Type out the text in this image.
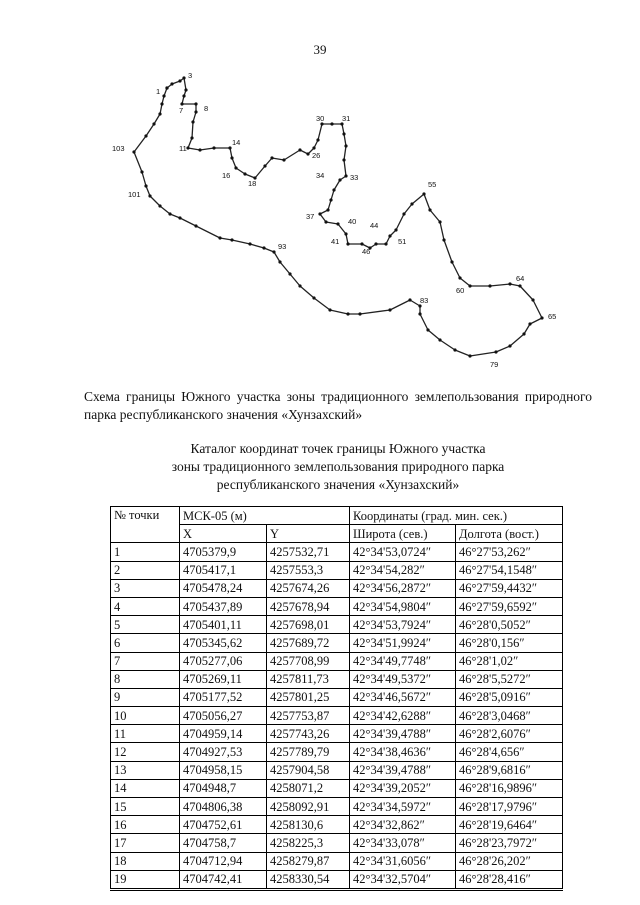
39
1
3
7	8
103	11
14
16
18
26
30 31
34	33
37
40 44
41
46
51
55
101
93
83
60
64
65
79
Схема границы Южного участка зоны традиционного землепользования природного парка республиканского значения «Хунзахский»
Каталог координат точек границы Южного участка
зоны традиционного землепользования природного парка
республиканского значения «Хунзахский»
№ точки	МСК-05 (м)		Координаты (град. мин. сек.)	
	X	Y	Широта (сев.)	Долгота (вост.)
1	4705379,9	4257532,71	42°34'53,0724″	46°27'53,262″
2	4705417,1	4257553,3	42°34'54,282″	46°27'54,1548″
3	4705478,24	4257674,26	42°34'56,2872″	46°27'59,4432″
4	4705437,89	4257678,94	42°34'54,9804″	46°27'59,6592″
5	4705401,11	4257698,01	42°34'53,7924″	46°28'0,5052″
6	4705345,62	4257689,72	42°34'51,9924″	46°28'0,156″
7	4705277,06	4257708,99	42°34'49,7748″	46°28'1,02″
8	4705269,11	4257811,73	42°34'49,5372″	46°28'5,5272″
9	4705177,52	4257801,25	42°34'46,5672″	46°28'5,0916″
10	4705056,27	4257753,87	42°34'42,6288″	46°28'3,0468″
11	4704959,14	4257743,26	42°34'39,4788″	46°28'2,6076″
12	4704927,53	4257789,79	42°34'38,4636″	46°28'4,656″
13	4704958,15	4257904,58	42°34'39,4788″	46°28'9,6816″
14	4704948,7	4258071,2	42°34'39,2052″	46°28'16,9896″
15	4704806,38	4258092,91	42°34'34,5972″	46°28'17,9796″
16	4704752,61	4258130,6	42°34'32,862″	46°28'19,6464″
17	4704758,7	4258225,3	42°34'33,078″	46°28'23,7972″
18	4704712,94	4258279,87	42°34'31,6056″	46°28'26,202″
19	4704742,41	4258330,54	42°34'32,5704″	46°28'28,416″
